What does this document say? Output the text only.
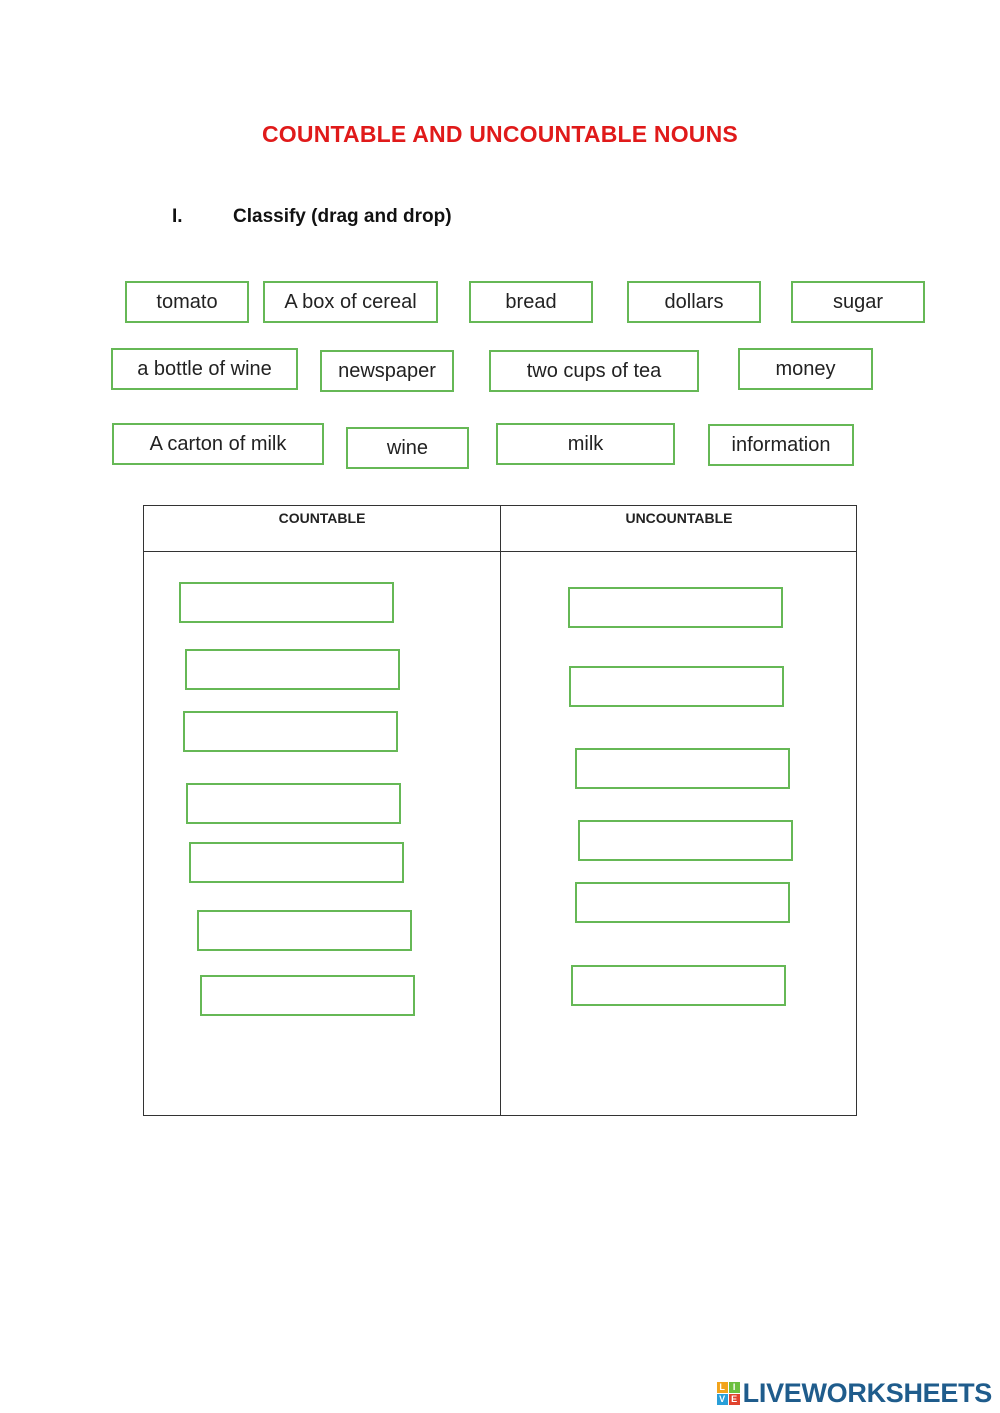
COUNTABLE AND UNCOUNTABLE NOUNS
I.	Classify (drag and drop)
tomato	A box of cereal	bread	dollars	sugar
a bottle of wine	newspaper	two cups of tea	money
A carton of milk	wine	milk	information
COUNTABLE	UNCOUNTABLE
L I
V E LIVEWORKSHEETS
